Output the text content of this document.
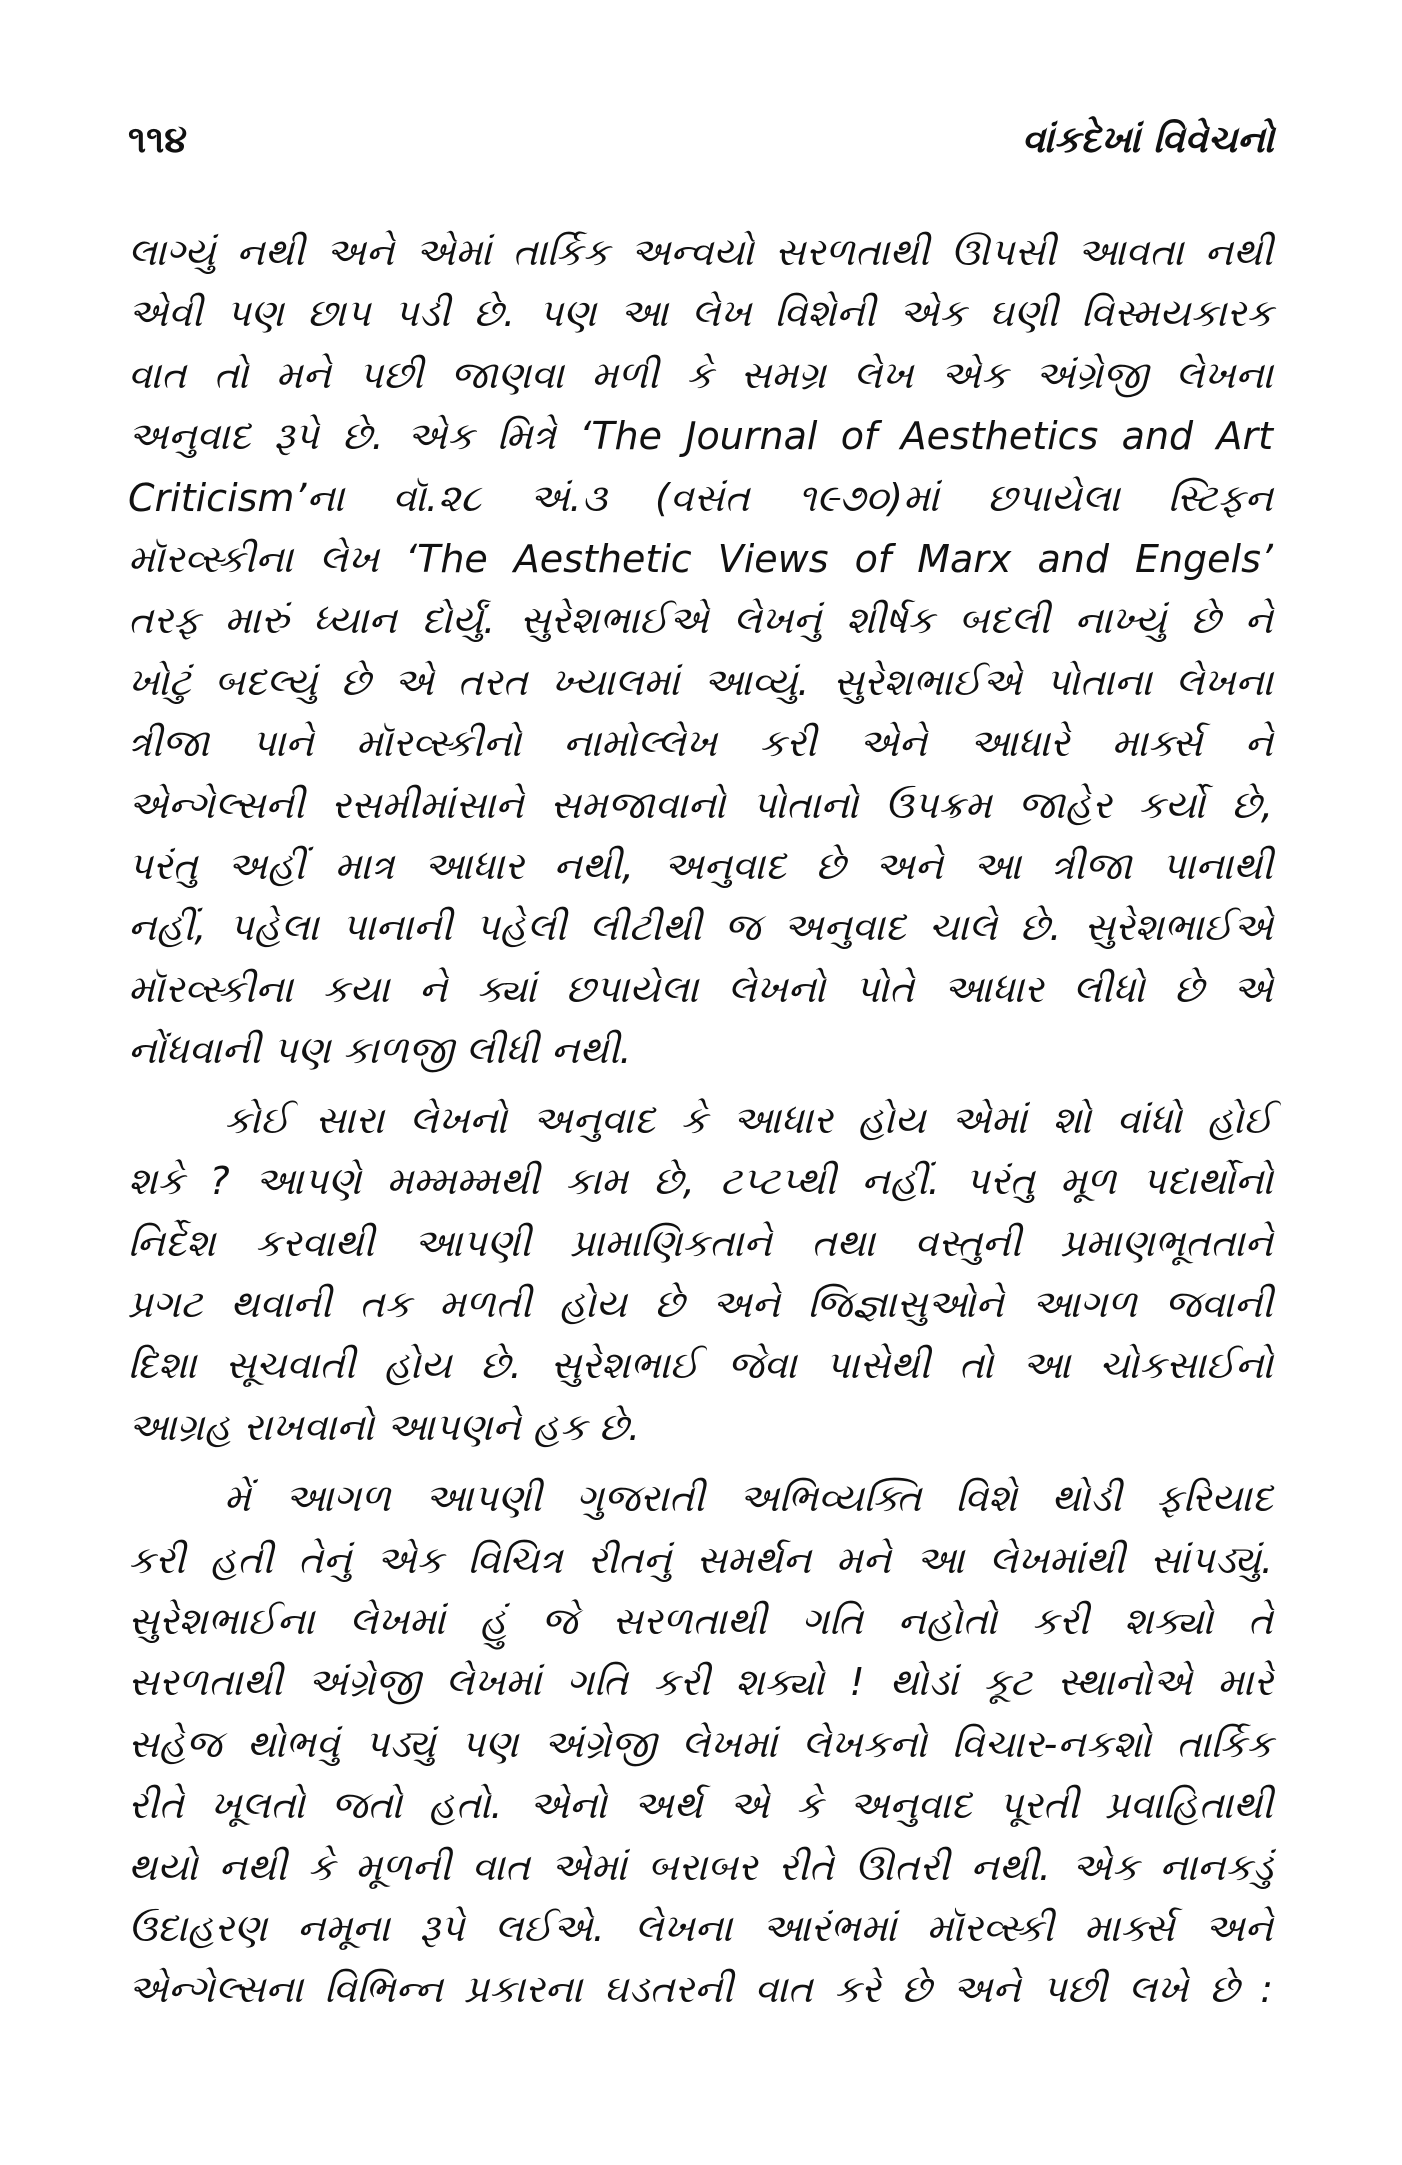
૧૧૪	વાંકદેખાં વિવેચનો
લાગ્યું નથી અને એમાં તાર્કિક અન્વયો સરળતાથી ઊપસી આવતા નથી
એવી પણ છાપ પડી છે. પણ આ લેખ વિશેની એક ઘણી વિસ્મયકારક
વાત તો મને પછી જાણવા મળી કે સમગ્ર લેખ એક અંગ્રેજી લેખના
અનુવાદ રૂપે છે. એક મિત્રે ‘The Journal of Aesthetics and Art
Criticism’ના વૉ.૨૮ અં.૩ (વસંત ૧૯૭૦)માં છપાયેલા સ્ટિફન
મૉરવ્સ્કીના લેખ ‘The Aesthetic Views of Marx and Engels’
તરફ મારું ધ્યાન દોર્યું. સુરેશભાઈએ લેખનું શીર્ષક બદલી નાખ્યું છે ને
ખોટું બદલ્યું છે એ તરત ખ્યાલમાં આવ્યું. સુરેશભાઈએ પોતાના લેખના
ત્રીજા પાને મૉરવ્સ્કીનો નામોલ્લેખ કરી એને આધારે માર્ક્સ ને
એન્ગેલ્સની રસમીમાંસાને સમજાવાનો પોતાનો ઉપક્રમ જાહેર કર્યો છે,
પરંતુ અહીં માત્ર આધાર નથી, અનુવાદ છે અને આ ત્રીજા પાનાથી
નહીં, પહેલા પાનાની પહેલી લીટીથી જ અનુવાદ ચાલે છે. સુરેશભાઈએ
મૉરવ્સ્કીના કયા ને ક્યાં છપાયેલા લેખનો પોતે આધાર લીધો છે એ
નોંધવાની પણ કાળજી લીધી નથી.
કોઈ સારા લેખનો અનુવાદ કે આધાર હોય એમાં શો વાંધો હોઈ
શકે ? આપણે મમ્મમ્મથી કામ છે, ટપ્ટપ્થી નહીં. પરંતુ મૂળ પદાર્થોનો
નિર્દેશ કરવાથી આપણી પ્રામાણિકતાને તથા વસ્તુની પ્રમાણભૂતતાને
પ્રગટ થવાની તક મળતી હોય છે અને જિજ્ઞાસુઓને આગળ જવાની
દિશા સૂચવાતી હોય છે. સુરેશભાઈ જેવા પાસેથી તો આ ચોકસાઈનો
આગ્રહ રાખવાનો આપણને હક છે.
મેં આગળ આપણી ગુજરાતી અભિવ્યક્તિ વિશે થોડી ફરિયાદ
કરી હતી તેનું એક વિચિત્ર રીતનું સમર્થન મને આ લેખમાંથી સાંપડ્યું.
સુરેશભાઈના લેખમાં હું જે સરળતાથી ગતિ નહોતો કરી શક્યો તે
સરળતાથી અંગ્રેજી લેખમાં ગતિ કરી શક્યો ! થોડાં કૂટ સ્થાનોએ મારે
સહેજ થોભવું પડ્યું પણ અંગ્રેજી લેખમાં લેખકનો વિચાર-નકશો તાર્કિક
રીતે ખૂલતો જતો હતો. એનો અર્થ એ કે અનુવાદ પૂરતી પ્રવાહિતાથી
થયો નથી કે મૂળની વાત એમાં બરાબર રીતે ઊતરી નથી. એક નાનકડું
ઉદાહરણ નમૂના રૂપે લઈએ. લેખના આરંભમાં મૉરવ્સ્કી માર્ક્સ અને
એન્ગેલ્સના વિભિન્ન પ્રકારના ઘડતરની વાત કરે છે અને પછી લખે છે :
